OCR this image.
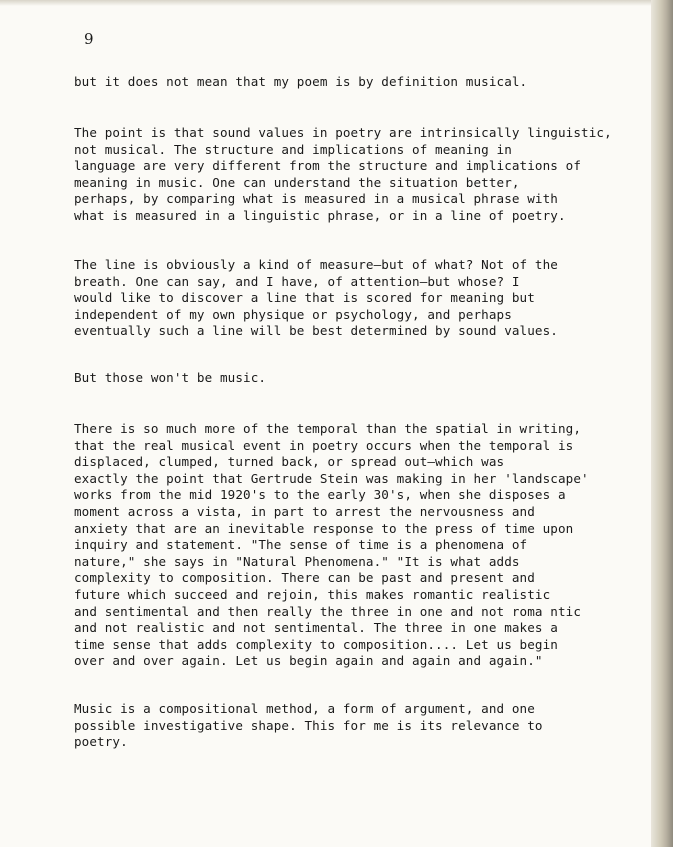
9

but it does not mean that my poem is by definition musical.

The point is that sound values in poetry are intrinsically linguistic,
not musical. The structure and implications of meaning in
language are very different from the structure and implications of
meaning in music. One can understand the situation better,
perhaps, by comparing what is measured in a musical phrase with
what is measured in a linguistic phrase, or in a line of poetry.

The line is obviously a kind of measure—but of what? Not of the
breath. One can say, and I have, of attention—but whose? I
would like to discover a line that is scored for meaning but
independent of my own physique or psychology, and perhaps
eventually such a line will be best determined by sound values.

But those won't be music.

There is so much more of the temporal than the spatial in writing,
that the real musical event in poetry occurs when the temporal is
displaced, clumped, turned back, or spread out—which was
exactly the point that Gertrude Stein was making in her 'landscape'
works from the mid 1920's to the early 30's, when she disposes a
moment across a vista, in part to arrest the nervousness and
anxiety that are an inevitable response to the press of time upon
inquiry and statement. "The sense of time is a phenomena of
nature," she says in "Natural Phenomena." "It is what adds
complexity to composition. There can be past and present and
future which succeed and rejoin, this makes romantic realistic
and sentimental and then really the three in one and not roma ntic
and not realistic and not sentimental. The three in one makes a
time sense that adds complexity to composition.... Let us begin
over and over again. Let us begin again and again and again."

Music is a compositional method, a form of argument, and one
possible investigative shape. This for me is its relevance to
poetry.
